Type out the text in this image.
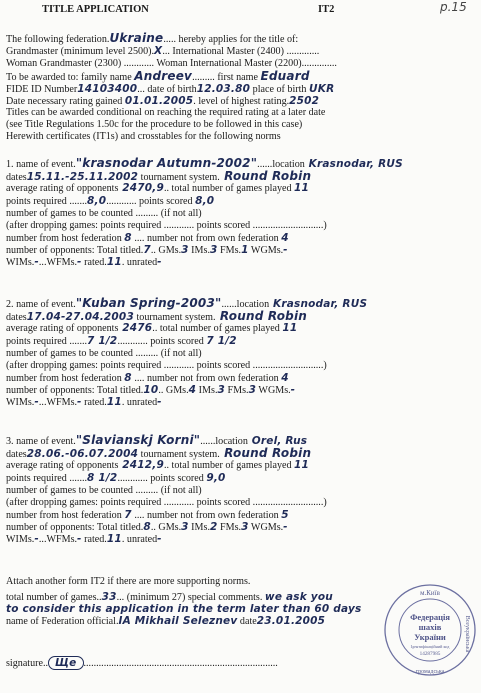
TITLE APPLICATION	IT2	p.15
The following federation.Ukraine..... hereby applies for the title of:
Grandmaster (minimum level 2500).X... International Master (2400) .............
Woman Grandmaster (2300) ............ Woman International Master (2200)..............
To be awarded to: family name Andreev......... first name Eduard
FIDE ID Number14103400... date of birth12.03.80 place of birth UKR
Date necessary rating gained 01.01.2005. level of highest rating.2502
Titles can be awarded conditional on reaching the required rating at a later date
(see Title Regulations 1.50c for the procedure to be followed in this case)
Herewith certificates (IT1s) and crosstables for the following norms
1. name of event."krasnodar Autumn-2002"......location Krasnodar, RUS
dates15.11.-25.11.2002 tournament system. Round Robin
average rating of opponents 2470,9.. total number of games played 11
points required .......8,0............ points scored 8,0
number of games to be counted ......... (if not all)
(after dropping games: points required ............ points scored ............................)
number from host federation 8 .... number not from own federation 4
number of opponents: Total titled.7.. GMs.3 IMs.3 FMs.1 WGMs.-
WIMs.-...WFMs.- rated.11. unrated-
2. name of event."Kuban Spring-2003"......location Krasnodar, RUS
dates17.04-27.04.2003 tournament system. Round Robin
average rating of opponents 2476.. total number of games played 11
points required .......7 1/2............ points scored 7 1/2
number of games to be counted ......... (if not all)
(after dropping games: points required ............ points scored ............................)
number from host federation 8 .... number not from own federation 4
number of opponents: Total titled.10.. GMs.4 IMs.3 FMs.3 WGMs.-
WIMs.-...WFMs.- rated.11. unrated-
3. name of event."Slavianskj Korni"......location Orel, Rus
dates28.06.-06.07.2004 tournament system. Round Robin
average rating of opponents 2412,9.. total number of games played 11
points required .......8 1/2............ points scored 9,0
number of games to be counted ......... (if not all)
(after dropping games: points required ............ points scored ............................)
number from host federation 7 .... number not from own federation 5
number of opponents: Total titled.8.. GMs.3 IMs.2 FMs.3 WGMs.-
WIMs.-...WFMs.- rated.11. unrated-
Attach another form IT2 if there are more supporting norms.
total number of games..33... (minimum 27) special comments. we ask you
to consider this application in the term later than 60 days
name of Federation official.IA Mikhail Seleznev date23.01.2005
signature.. Ще .............................................................................
м.Київ
Федерація
шахів
України
Ідентифікаційний код
14287985
Всеукраїнська
громадська
